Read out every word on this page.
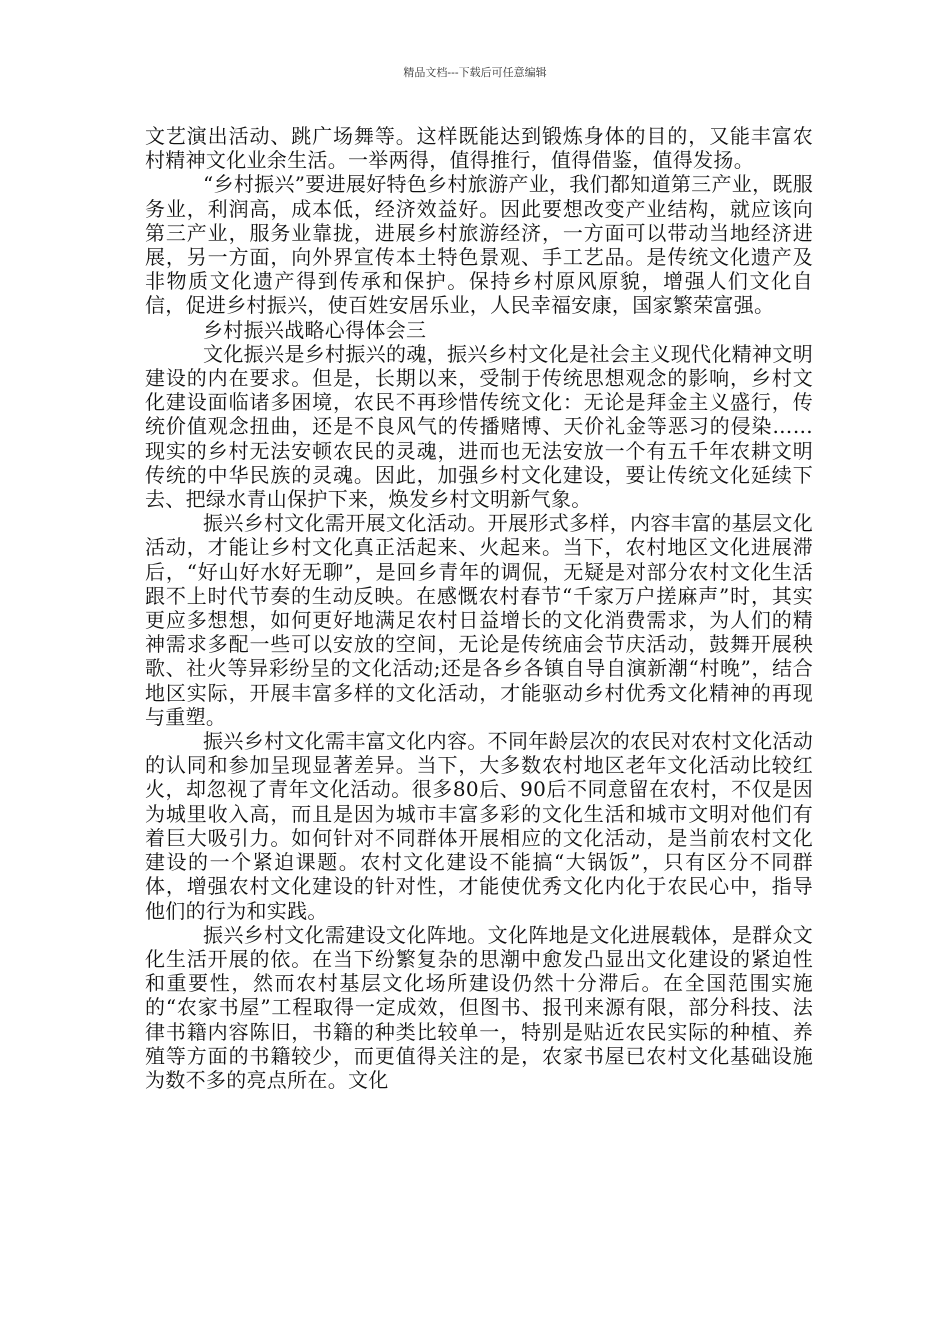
精品文档---下载后可任意编辑

文艺演出活动、跳广场舞等。这样既能达到锻炼身体的目的，又能丰富农村精神文化业余生活。一举两得，值得推行，值得借鉴，值得发扬。

“乡村振兴”要进展好特色乡村旅游产业，我们都知道第三产业，既服务业，利润高，成本低，经济效益好。因此要想改变产业结构，就应该向第三产业，服务业靠拢，进展乡村旅游经济，一方面可以带动当地经济进展，另一方面，向外界宣传本土特色景观、手工艺品。是传统文化遗产及非物质文化遗产得到传承和保护。保持乡村原风原貌，增强人们文化自信，促进乡村振兴，使百姓安居乐业，人民幸福安康，国家繁荣富强。

乡村振兴战略心得体会三

文化振兴是乡村振兴的魂，振兴乡村文化是社会主义现代化精神文明建设的内在要求。但是，长期以来，受制于传统思想观念的影响，乡村文化建设面临诸多困境，农民不再珍惜传统文化：无论是拜金主义盛行，传统价值观念扭曲，还是不良风气的传播赌博、天价礼金等恶习的侵染……现实的乡村无法安顿农民的灵魂，进而也无法安放一个有五千年农耕文明传统的中华民族的灵魂。因此，加强乡村文化建设，要让传统文化延续下去、把绿水青山保护下来，焕发乡村文明新气象。

振兴乡村文化需开展文化活动。开展形式多样，内容丰富的基层文化活动，才能让乡村文化真正活起来、火起来。当下，农村地区文化进展滞后，“好山好水好无聊”，是回乡青年的调侃，无疑是对部分农村文化生活跟不上时代节奏的生动反映。在感慨农村春节“千家万户搓麻声”时，其实更应多想想，如何更好地满足农村日益增长的文化消费需求，为人们的精神需求多配一些可以安放的空间，无论是传统庙会节庆活动，鼓舞开展秧歌、社火等异彩纷呈的文化活动;还是各乡各镇自导自演新潮“村晚”，结合地区实际，开展丰富多样的文化活动，才能驱动乡村优秀文化精神的再现与重塑。

振兴乡村文化需丰富文化内容。不同年龄层次的农民对农村文化活动的认同和参加呈现显著差异。当下，大多数农村地区老年文化活动比较红火，却忽视了青年文化活动。很多80后、90后不同意留在农村，不仅是因为城里收入高，而且是因为城市丰富多彩的文化生活和城市文明对他们有着巨大吸引力。如何针对不同群体开展相应的文化活动，是当前农村文化建设的一个紧迫课题。农村文化建设不能搞“大锅饭”，只有区分不同群体，增强农村文化建设的针对性，才能使优秀文化内化于农民心中，指导他们的行为和实践。

振兴乡村文化需建设文化阵地。文化阵地是文化进展载体，是群众文化生活开展的依。在当下纷繁复杂的思潮中愈发凸显出文化建设的紧迫性和重要性，然而农村基层文化场所建设仍然十分滞后。在全国范围实施的“农家书屋”工程取得一定成效，但图书、报刊来源有限，部分科技、法律书籍内容陈旧，书籍的种类比较单一，特别是贴近农民实际的种植、养殖等方面的书籍较少，而更值得关注的是，农家书屋已农村文化基础设施为数不多的亮点所在。文化
